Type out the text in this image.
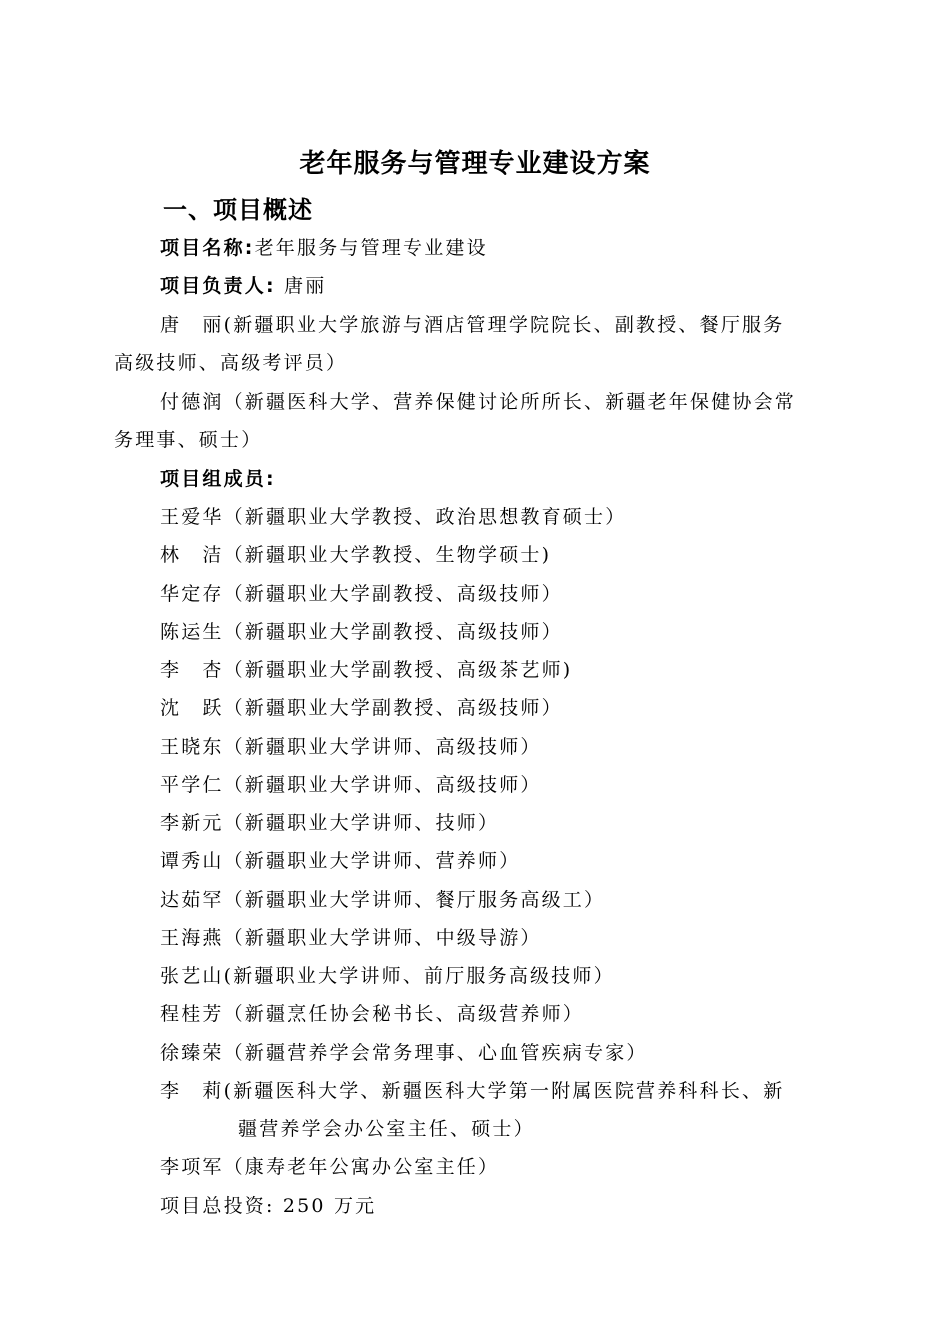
老年服务与管理专业建设方案
一、项目概述
项目名称:老年服务与管理专业建设
项目负责人: 唐丽
唐　丽(新疆职业大学旅游与酒店管理学院院长、副教授、餐厅服务
高级技师、高级考评员）
付德润（新疆医科大学、营养保健讨论所所长、新疆老年保健协会常
务理事、硕士）
项目组成员:
王爱华（新疆职业大学教授、政治思想教育硕士）
林　洁（新疆职业大学教授、生物学硕士)
华定存（新疆职业大学副教授、高级技师）
陈运生（新疆职业大学副教授、高级技师）
李　杏（新疆职业大学副教授、高级茶艺师)
沈　跃（新疆职业大学副教授、高级技师）
王晓东（新疆职业大学讲师、高级技师）
平学仁（新疆职业大学讲师、高级技师）
李新元（新疆职业大学讲师、技师）
谭秀山（新疆职业大学讲师、营养师）
达茹罕（新疆职业大学讲师、餐厅服务高级工）
王海燕（新疆职业大学讲师、中级导游）
张艺山(新疆职业大学讲师、前厅服务高级技师）
程桂芳（新疆烹任协会秘书长、高级营养师）
徐臻荣（新疆营养学会常务理事、心血管疾病专家）
李　莉(新疆医科大学、新疆医科大学第一附属医院营养科科长、新
疆营养学会办公室主任、硕士）
李项军（康寿老年公寓办公室主任）
项目总投资: 250 万元
